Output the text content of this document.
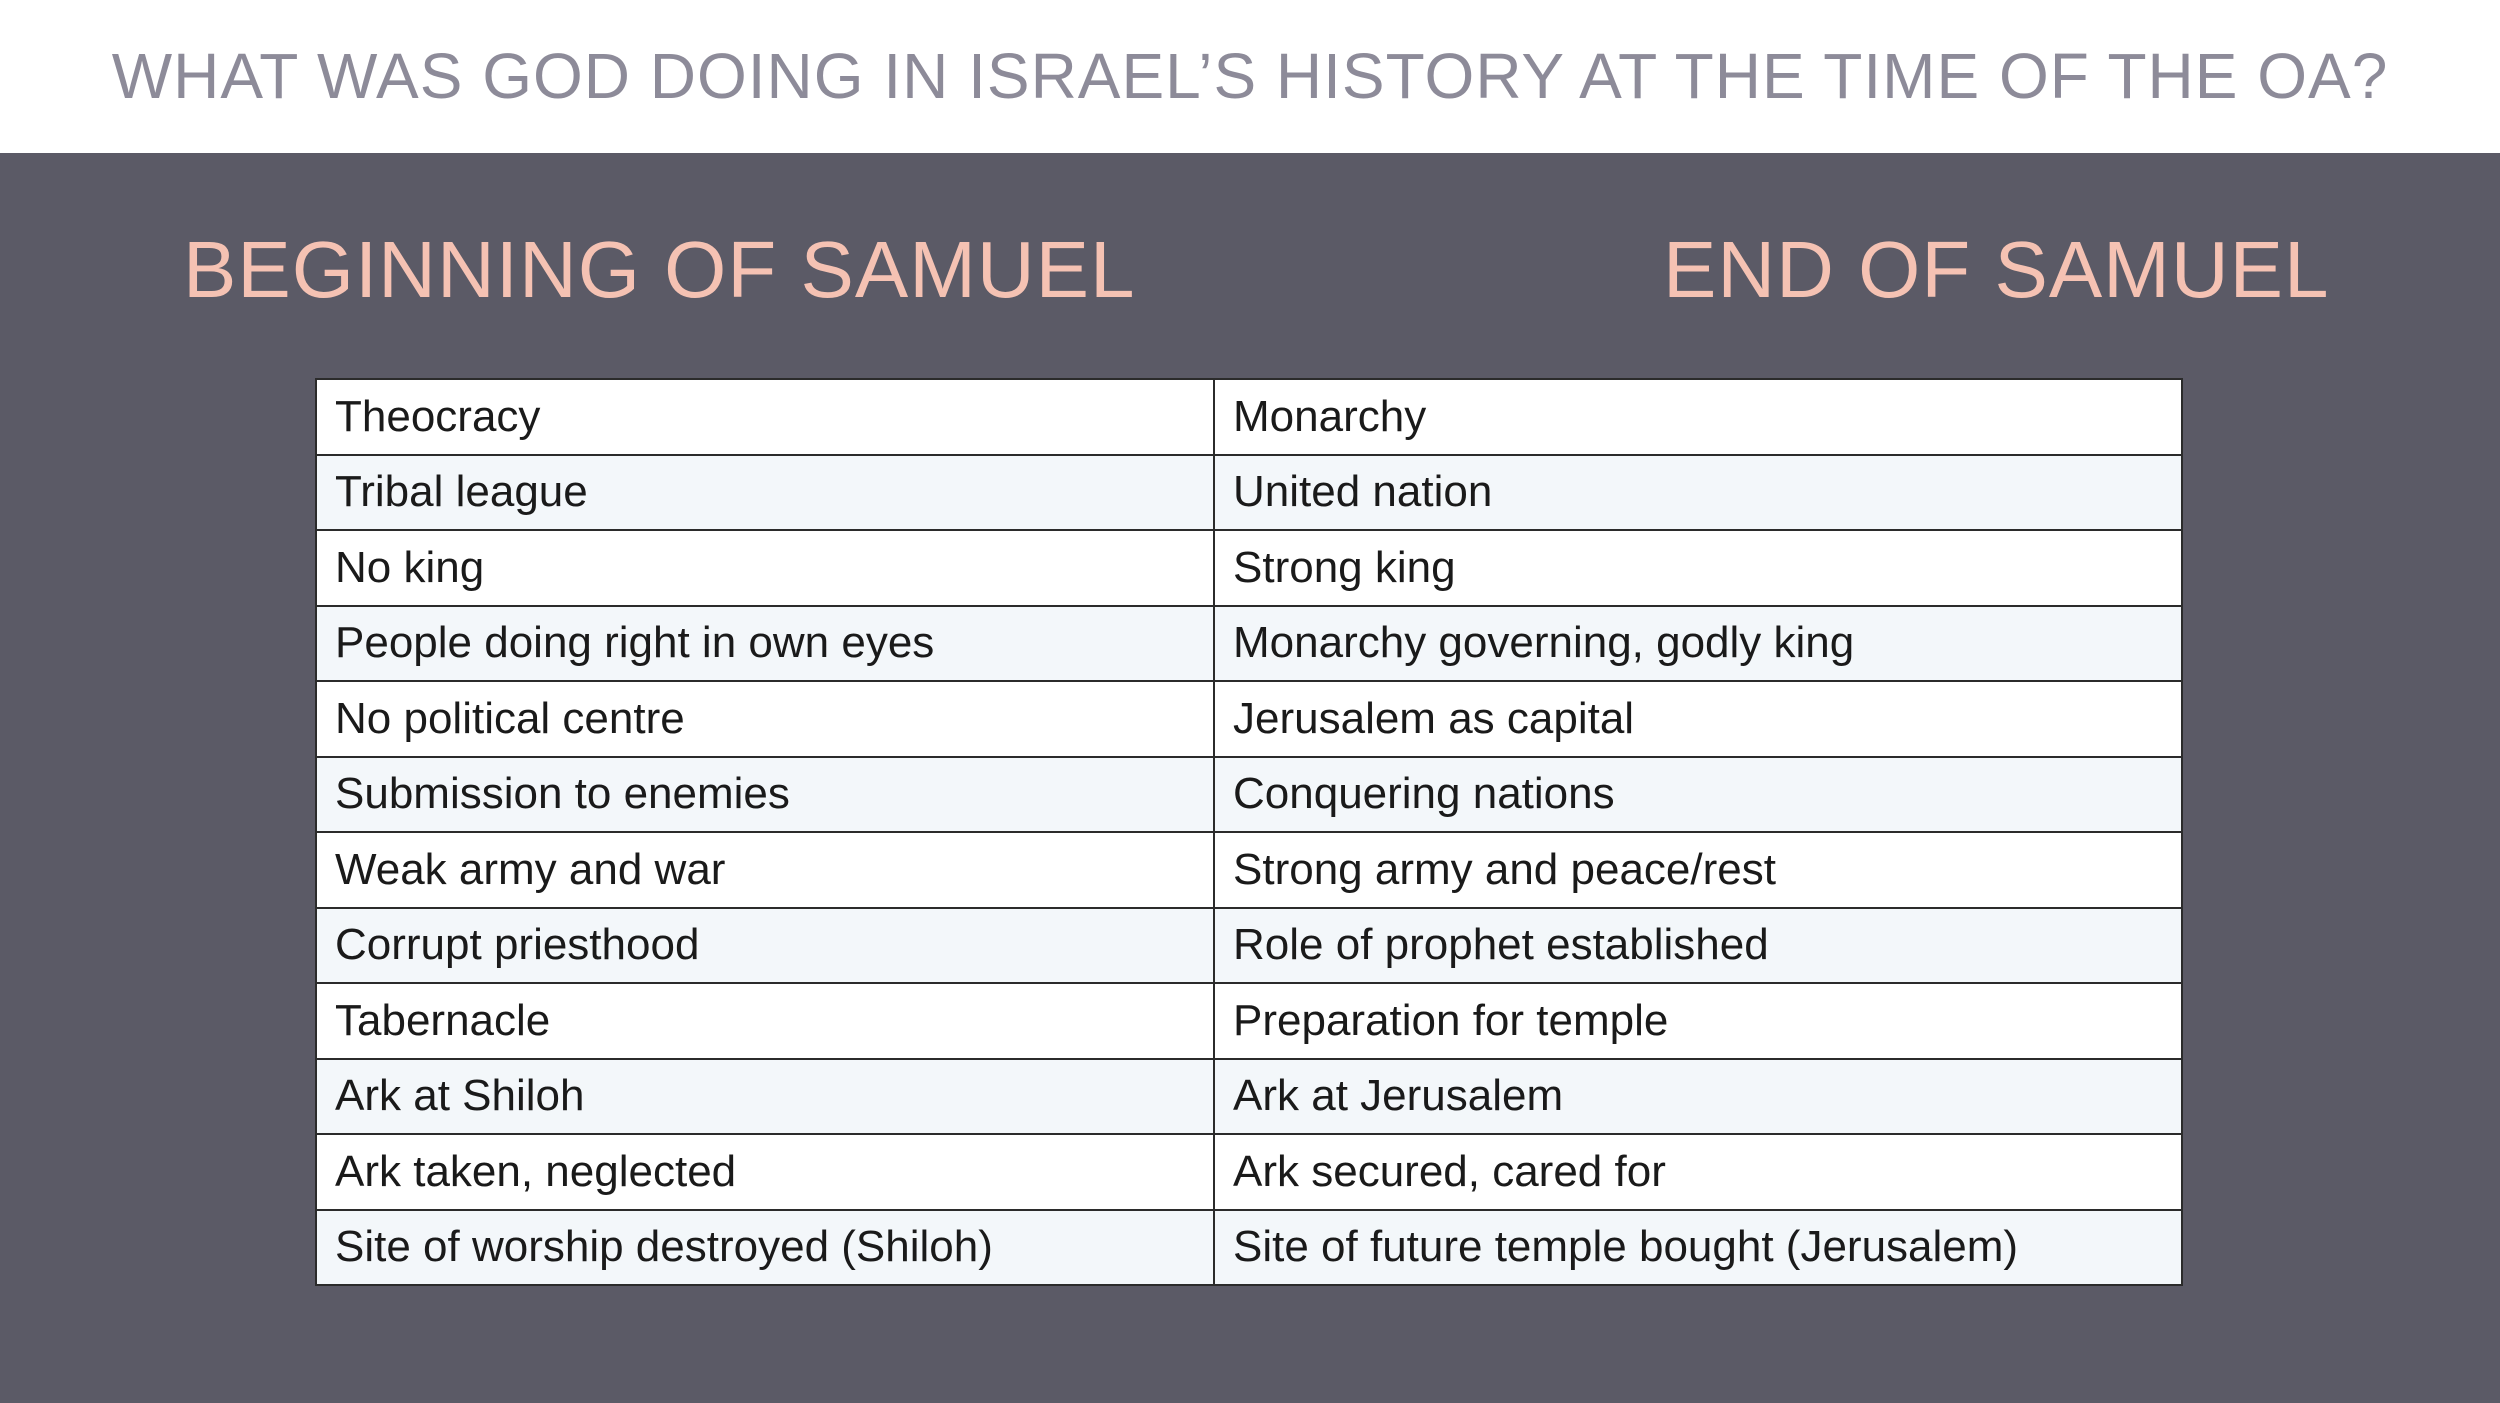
WHAT WAS GOD DOING IN ISRAEL’S HISTORY AT THE TIME OF THE OA?
BEGINNING OF SAMUEL	END OF SAMUEL
Theocracy	Monarchy
Tribal league	United nation
No king	Strong king
People doing right in own eyes	Monarchy governing, godly king
No political centre	Jerusalem as capital
Submission to enemies	Conquering nations
Weak army and war	Strong army and peace/rest
Corrupt priesthood	Role of prophet established
Tabernacle	Preparation for temple
Ark at Shiloh	Ark at Jerusalem
Ark taken, neglected	Ark secured, cared for
Site of worship destroyed (Shiloh)	Site of future temple bought (Jerusalem)
